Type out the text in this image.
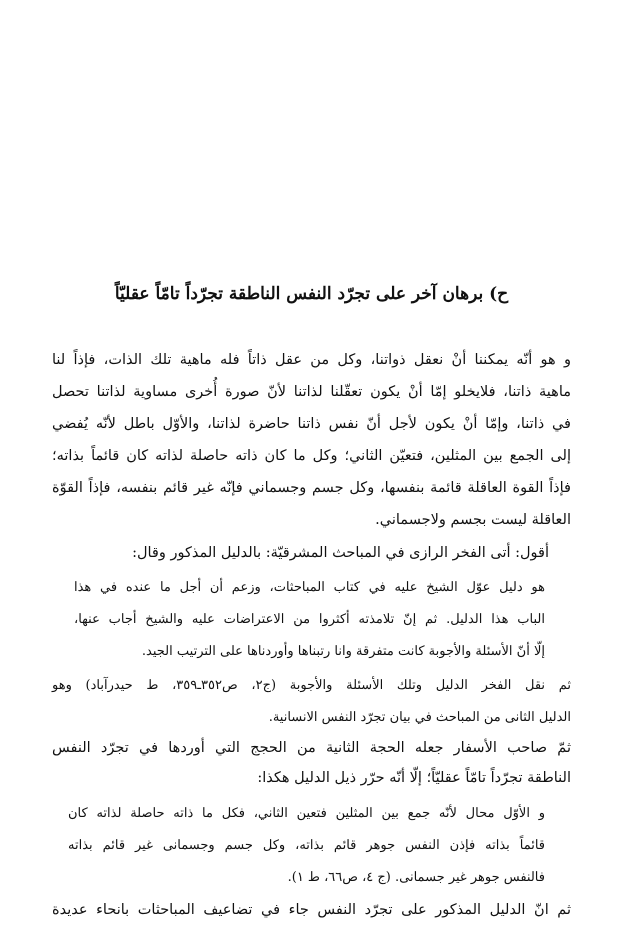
ح) برهان آخر على تجرّد النفس الناطقة تجرّداً تامّاً عقليّاً
و هو أنّه يمكننا أنْ نعقل ذواتنا، وكل من عقل ذاتاً فله ماهية تلك الذات، فإذاً لنا
ماهية ذاتنا، فلايخلو إمّا أنْ يكون تعقّلنا لذاتنا لأنّ صورة أُخرى مساوية لذاتنا تحصل
في ذاتنا، وإمّا أنْ يكون لأجل أنّ نفس ذاتنا حاضرة لذاتنا، والأوّل باطل لأنّه يُفضي
إلى الجمع بين المثلين، فتعيّن الثاني؛ وكل ما كان ذاته حاصلة لذاته كان قائماً بذاته؛
فإذاً القوة العاقلة قائمة بنفسها، وكل جسم وجسماني فإنّه غير قائم بنفسه، فإذاً القوّة
العاقلة ليست بجسم ولاجسماني.
أقول: أتى الفخر الرازى في المباحث المشرقيّة: بالدليل المذكور وقال:
هو دليل عوّل الشيخ عليه في كتاب المباحثات، وزعم أن أجل ما عنده في هذا
الباب هذا الدليل. ثم إنّ تلامذته أكثروا من الاعتراضات عليه والشيخ أجاب عنها،
إلّا أنّ الأسئلة والأجوبة كانت متفرقة وانا رتبناها وأوردناها على الترتيب الجيد.
ثم نقل الفخر الدليل وتلك الأسئلة والأجوبة (ج٢، ص٣٥٢ـ٣٥٩، ط حيدرآباد) وهو
الدليل الثانى من المباحث في بيان تجرّد النفس الانسانية.
ثمّ صاحب الأسفار جعله الحجة الثانية من الحجج التي أوردها في تجرّد النفس
الناطقة تجرّداً تامّاً عقليّاً؛ إلّا أنّه حرّر ذيل الدليل هكذا:
و الأوّل محال لأنّه جمع بين المثلين فتعين الثاني، فكل ما ذاته حاصلة لذاته كان
قائماً بذاته فإذن النفس جوهر قائم بذاته، وكل جسم وجسمانى غير قائم بذاته
فالنفس جوهر غير جسمانى. (ج ٤، ص٦٦، ط ١).
ثم انّ الدليل المذكور على تجرّد النفس جاء في تضاعيف المباحثات بانحاء عديدة
